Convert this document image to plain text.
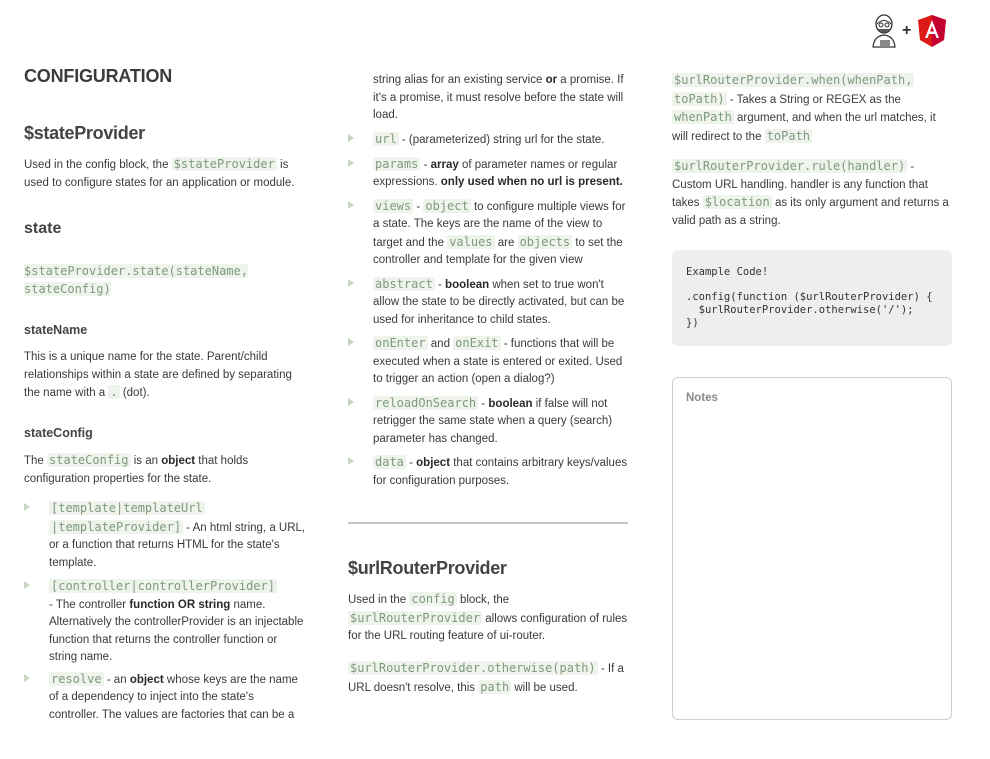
+
CONFIGURATION
$stateProvider
Used in the config block, the $stateProvider is used to configure states for an application or module.
state
$stateProvider.state(stateName,
stateConfig)
stateName
This is a unique name for the state. Parent/child relationships within a state are defined by separating the name with a . (dot).
stateConfig
The stateConfig is an object that holds configuration properties for the state.
[template|templateUrl
|templateProvider] - An html string, a URL, or a function that returns HTML for the state's template.
[controller|controllerProvider]
- The controller function OR string name. Alternatively the controllerProvider is an injectable function that returns the controller function or string name.
resolve - an object whose keys are the name of a dependency to inject into the state's controller. The values are factories that can be a
string alias for an existing service or a promise. If it's a promise, it must resolve before the state will load.
url - (parameterized) string url for the state.
params - array of parameter names or regular expressions. only used when no url is present.
views - object to configure multiple views for a state. The keys are the name of the view to target and the values are objects to set the controller and template for the given view
abstract - boolean when set to true won't allow the state to be directly activated, but can be used for inheritance to child states.
onEnter and onExit - functions that will be executed when a state is entered or exited. Used to trigger an action (open a dialog?)
reloadOnSearch - boolean if false will not retrigger the same state when a query (search) parameter has changed.
data - object that contains arbitrary keys/values for configuration purposes.
$urlRouterProvider
Used in the config block, the $urlRouterProvider allows configuration of rules for the URL routing feature of ui-router.
$urlRouterProvider.otherwise(path) - If a URL doesn't resolve, this path will be used.
$urlRouterProvider.when(whenPath,
toPath) - Takes a String or REGEX as the whenPath argument, and when the url matches, it will redirect to the toPath
$urlRouterProvider.rule(handler) - Custom URL handling. handler is any function that takes $location as its only argument and returns a valid path as a string.
Example Code!
.config(function ($urlRouterProvider) {
$urlRouterProvider.otherwise('/');
})
Notes
